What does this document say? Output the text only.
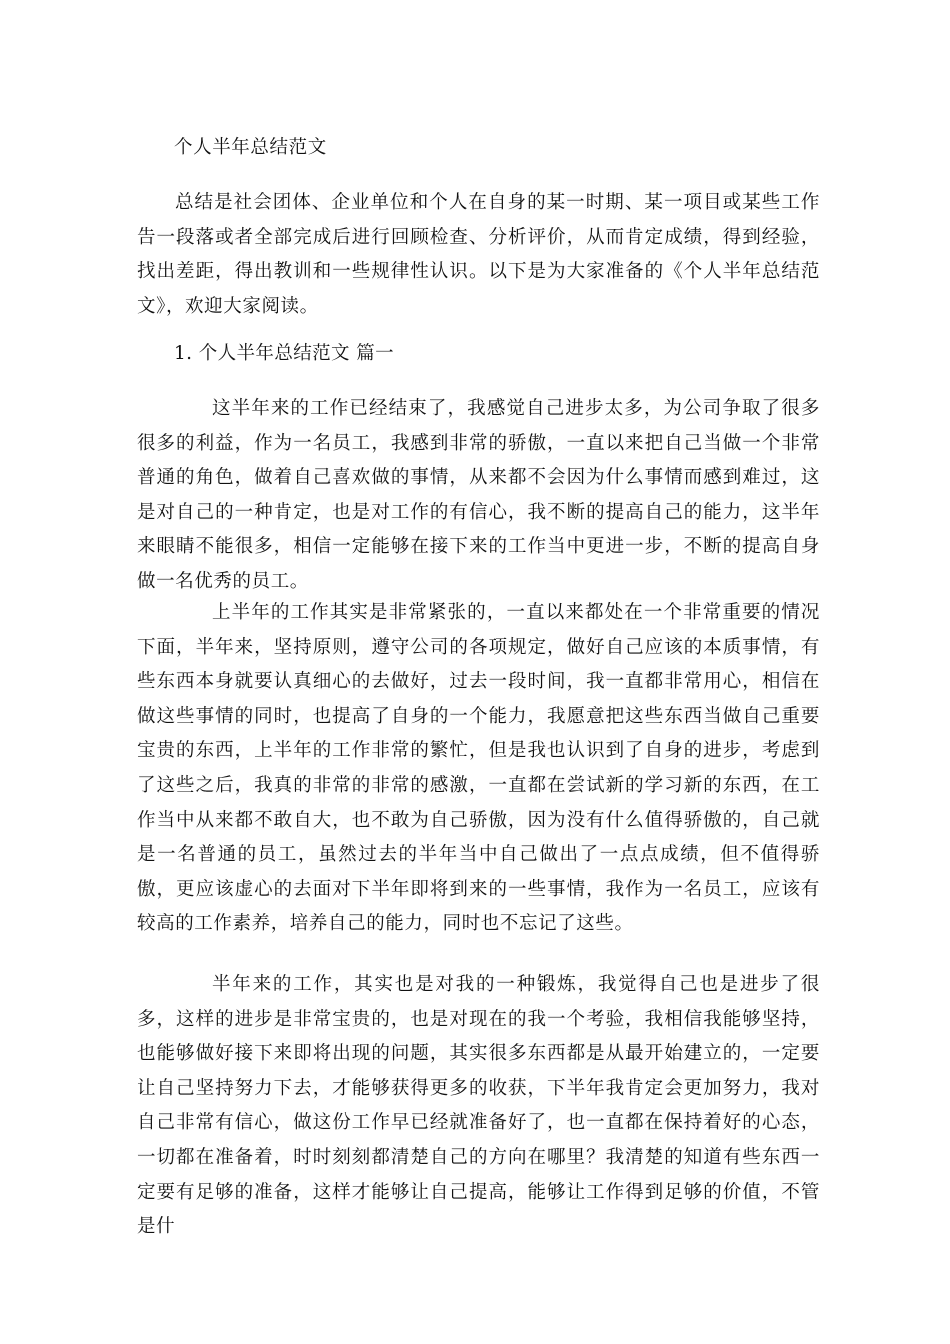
个人半年总结范文

总结是社会团体、企业单位和个人在自身的某一时期、某一项目或某些工作告一段落或者全部完成后进行回顾检查、分析评价，从而肯定成绩，得到经验，找出差距，得出教训和一些规律性认识。以下是为大家准备的《个人半年总结范文》，欢迎大家阅读。

1. 个人半年总结范文 篇一

这半年来的工作已经结束了，我感觉自己进步太多，为公司争取了很多很多的利益，作为一名员工，我感到非常的骄傲，一直以来把自己当做一个非常普通的角色，做着自己喜欢做的事情，从来都不会因为什么事情而感到难过，这是对自己的一种肯定，也是对工作的有信心，我不断的提高自己的能力，这半年来眼睛不能很多，相信一定能够在接下来的工作当中更进一步，不断的提高自身做一名优秀的员工。

上半年的工作其实是非常紧张的，一直以来都处在一个非常重要的情况下面，半年来，坚持原则，遵守公司的各项规定，做好自己应该的本质事情，有些东西本身就要认真细心的去做好，过去一段时间，我一直都非常用心，相信在做这些事情的同时，也提高了自身的一个能力，我愿意把这些东西当做自己重要宝贵的东西，上半年的工作非常的繁忙，但是我也认识到了自身的进步，考虑到了这些之后，我真的非常的非常的感激，一直都在尝试新的学习新的东西，在工作当中从来都不敢自大，也不敢为自己骄傲，因为没有什么值得骄傲的，自己就是一名普通的员工，虽然过去的半年当中自己做出了一点点成绩，但不值得骄傲，更应该虚心的去面对下半年即将到来的一些事情，我作为一名员工，应该有较高的工作素养，培养自己的能力，同时也不忘记了这些。

半年来的工作，其实也是对我的一种锻炼，我觉得自己也是进步了很多，这样的进步是非常宝贵的，也是对现在的我一个考验，我相信我能够坚持，也能够做好接下来即将出现的问题，其实很多东西都是从最开始建立的，一定要让自己坚持努力下去，才能够获得更多的收获，下半年我肯定会更加努力，我对自己非常有信心，做这份工作早已经就准备好了，也一直都在保持着好的心态，一切都在准备着，时时刻刻都清楚自己的方向在哪里？我清楚的知道有些东西一定要有足够的准备，这样才能够让自己提高，能够让工作得到足够的价值，不管是什
